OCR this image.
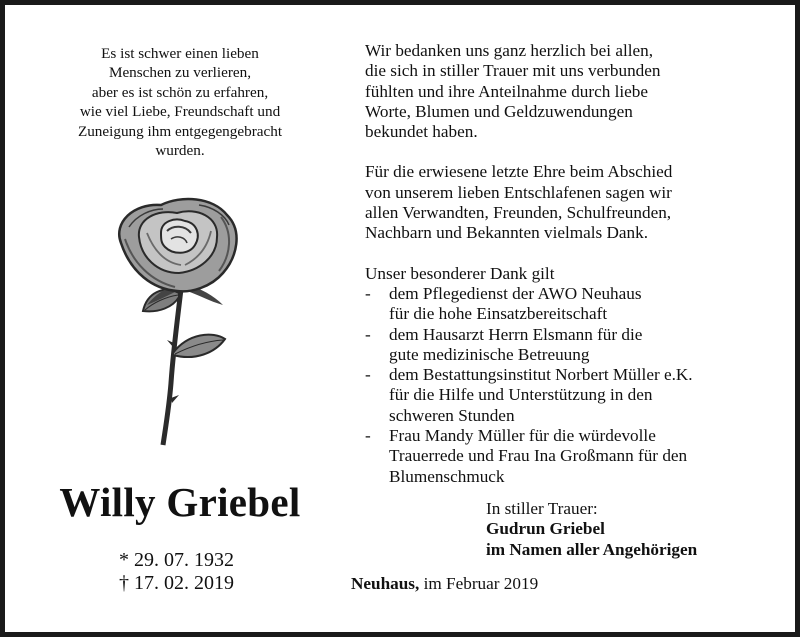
Es ist schwer einen lieben
Menschen zu verlieren,
aber es ist schön zu erfahren,
wie viel Liebe, Freundschaft und
Zuneigung ihm entgegengebracht
wurden.
Willy Griebel
* 29. 07. 1932
† 17. 02. 2019
Wir bedanken uns ganz herzlich bei allen,
die sich in stiller Trauer mit uns verbunden
fühlten und ihre Anteilnahme durch liebe
Worte, Blumen und Geldzuwendungen
bekundet haben.
Für die erwiesene letzte Ehre beim Abschied
von unserem lieben Entschlafenen sagen wir
allen Verwandten, Freunden, Schulfreunden,
Nachbarn und Bekannten vielmals Dank.
Unser besonderer Dank gilt
- dem Pflegedienst der AWO Neuhaus
für die hohe Einsatzbereitschaft
- dem Hausarzt Herrn Elsmann für die
gute medizinische Betreuung
- dem Bestattungsinstitut Norbert Müller e.K.
für die Hilfe und Unterstützung in den
schweren Stunden
- Frau Mandy Müller für die würdevolle
Trauerrede und Frau Ina Großmann für den
Blumenschmuck
In stiller Trauer:
Gudrun Griebel
im Namen aller Angehörigen
Neuhaus, im Februar 2019
